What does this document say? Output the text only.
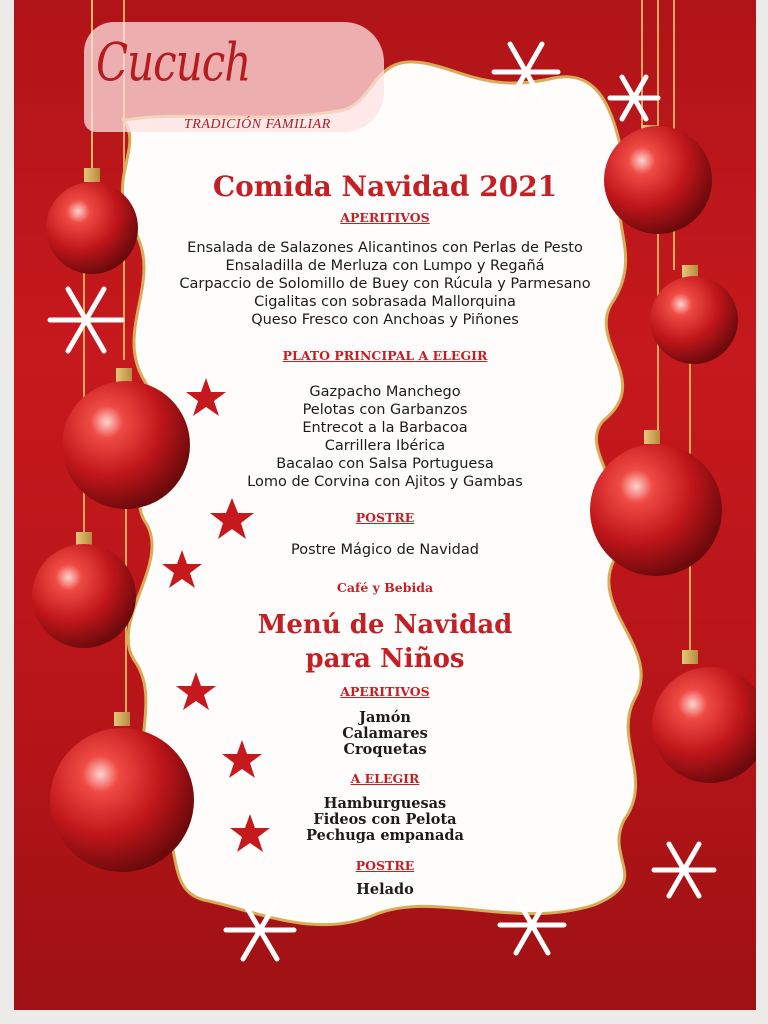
Cucuch
TRADICIÓN FAMILIAR
Comida Navidad 2021
APERITIVOS
Ensalada de Salazones Alicantinos con Perlas de Pesto
Ensaladilla de Merluza con Lumpo y Regañá
Carpaccio de Solomillo de Buey con Rúcula y Parmesano
Cigalitas con sobrasada Mallorquina
Queso Fresco con Anchoas y Piñones
PLATO PRINCIPAL A ELEGIR
Gazpacho Manchego
Pelotas con Garbanzos
Entrecot a la Barbacoa
Carrillera Ibérica
Bacalao con Salsa Portuguesa
Lomo de Corvina con Ajitos y Gambas
POSTRE
Postre Mágico de Navidad
Café y Bebida
Menú de Navidad
para Niños
APERITIVOS
Jamón
Calamares
Croquetas
A ELEGIR
Hamburguesas
Fideos con Pelota
Pechuga empanada
POSTRE
Helado
